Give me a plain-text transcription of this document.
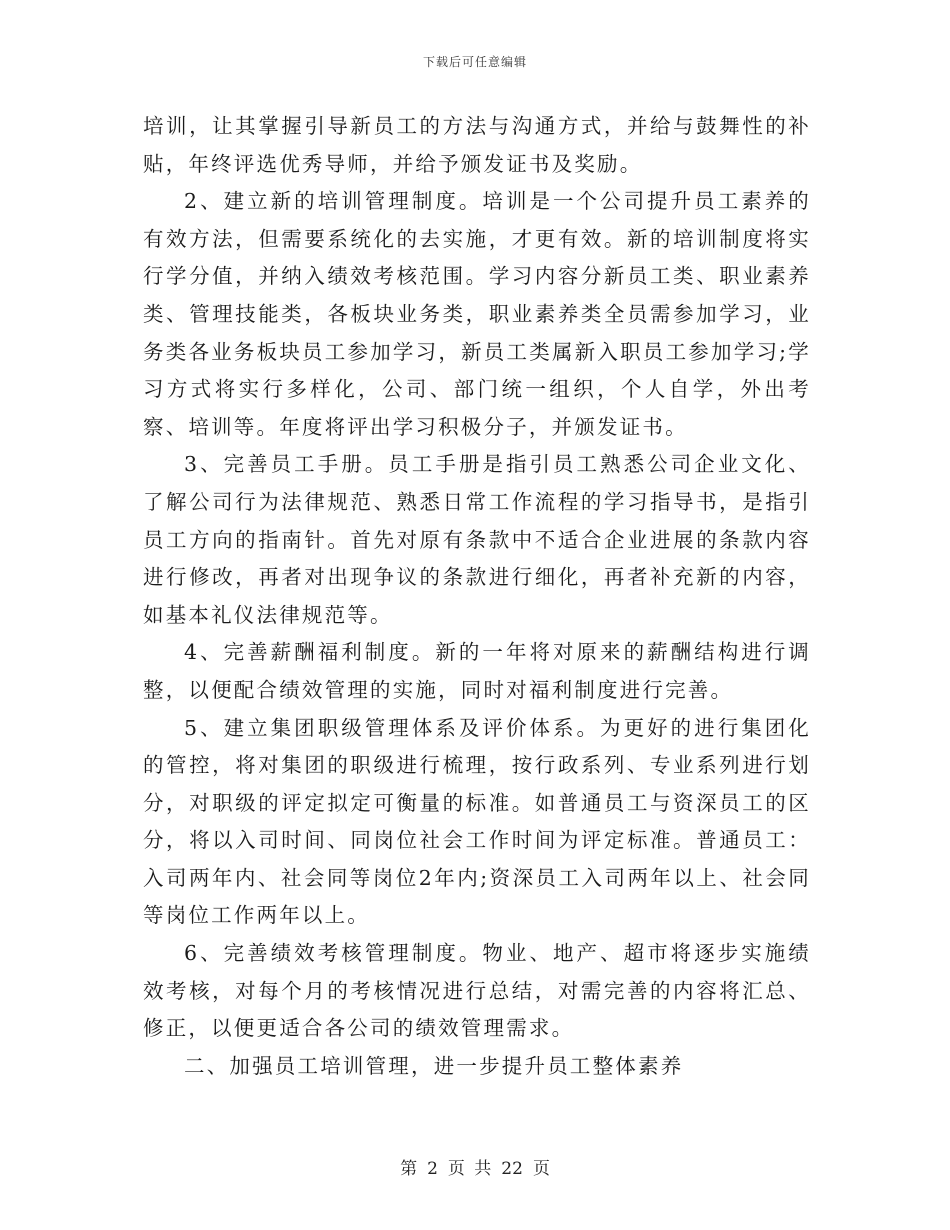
下载后可任意编辑

培训，让其掌握引导新员工的方法与沟通方式，并给与鼓舞性的补贴，年终评选优秀导师，并给予颁发证书及奖励。

2、建立新的培训管理制度。培训是一个公司提升员工素养的有效方法，但需要系统化的去实施，才更有效。新的培训制度将实行学分值，并纳入绩效考核范围。学习内容分新员工类、职业素养类、管理技能类，各板块业务类，职业素养类全员需参加学习，业务类各业务板块员工参加学习，新员工类属新入职员工参加学习;学习方式将实行多样化，公司、部门统一组织，个人自学，外出考察、培训等。年度将评出学习积极分子，并颁发证书。

3、完善员工手册。员工手册是指引员工熟悉公司企业文化、了解公司行为法律规范、熟悉日常工作流程的学习指导书，是指引员工方向的指南针。首先对原有条款中不适合企业进展的条款内容进行修改，再者对出现争议的条款进行细化，再者补充新的内容，如基本礼仪法律规范等。

4、完善薪酬福利制度。新的一年将对原来的薪酬结构进行调整，以便配合绩效管理的实施，同时对福利制度进行完善。

5、建立集团职级管理体系及评价体系。为更好的进行集团化的管控，将对集团的职级进行梳理，按行政系列、专业系列进行划分，对职级的评定拟定可衡量的标准。如普通员工与资深员工的区分，将以入司时间、同岗位社会工作时间为评定标准。普通员工：入司两年内、社会同等岗位2年内;资深员工入司两年以上、社会同等岗位工作两年以上。

6、完善绩效考核管理制度。物业、地产、超市将逐步实施绩效考核，对每个月的考核情况进行总结，对需完善的内容将汇总、修正，以便更适合各公司的绩效管理需求。

二、加强员工培训管理，进一步提升员工整体素养

第 2 页 共 22 页
